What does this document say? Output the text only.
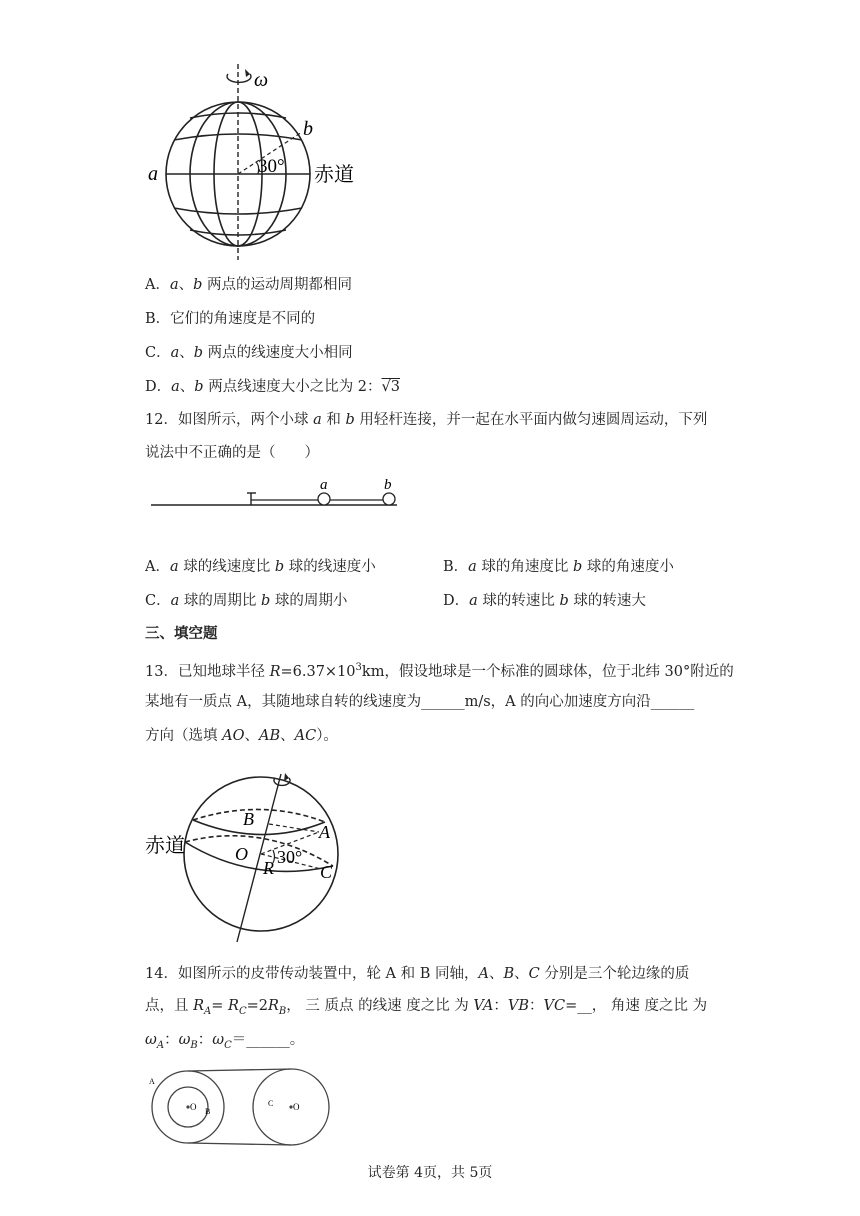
ω
a
b
30° 赤道
A．a、b 两点的运动周期都相同
B．它们的角速度是不同的
C．a、b 两点的线速度大小相同
D．a、b 两点线速度大小之比为 2：√3
12．如图所示，两个小球 a 和 b 用轻杆连接，并一起在水平面内做匀速圆周运动，下列
说法中不正确的是（　　）
a	b
A．a 球的线速度比 b 球的线速度小	B．a 球的角速度比 b 球的角速度小
C．a 球的周期比 b 球的周期小	D．a 球的转速比 b 球的转速大
三、填空题
13．已知地球半径 $R=6.37\times 10^3km$，假设地球是一个标准的圆球体，位于北纬 30°附近的
某地有一质点 A，其随地球自转的线速度为______m/s，A 的向心加速度方向沿______
方向（选填 AO、AB、AC）。
赤道
B
A
O 30°
R	C
14．如图所示的皮带传动装置中，轮 A 和 B 同轴，A、B、C 分别是三个轮边缘的质
点，且 $R_A= R_C=2R_B$， 三 质点 的线速 度之比 为 VA：VB：VC=__， 角速 度之比 为
$\omega_A$：$\omega_B$：$\omega_C=\_\_\_\_\_\_$。
A
O B
C O
试卷第 4页，共 5页
